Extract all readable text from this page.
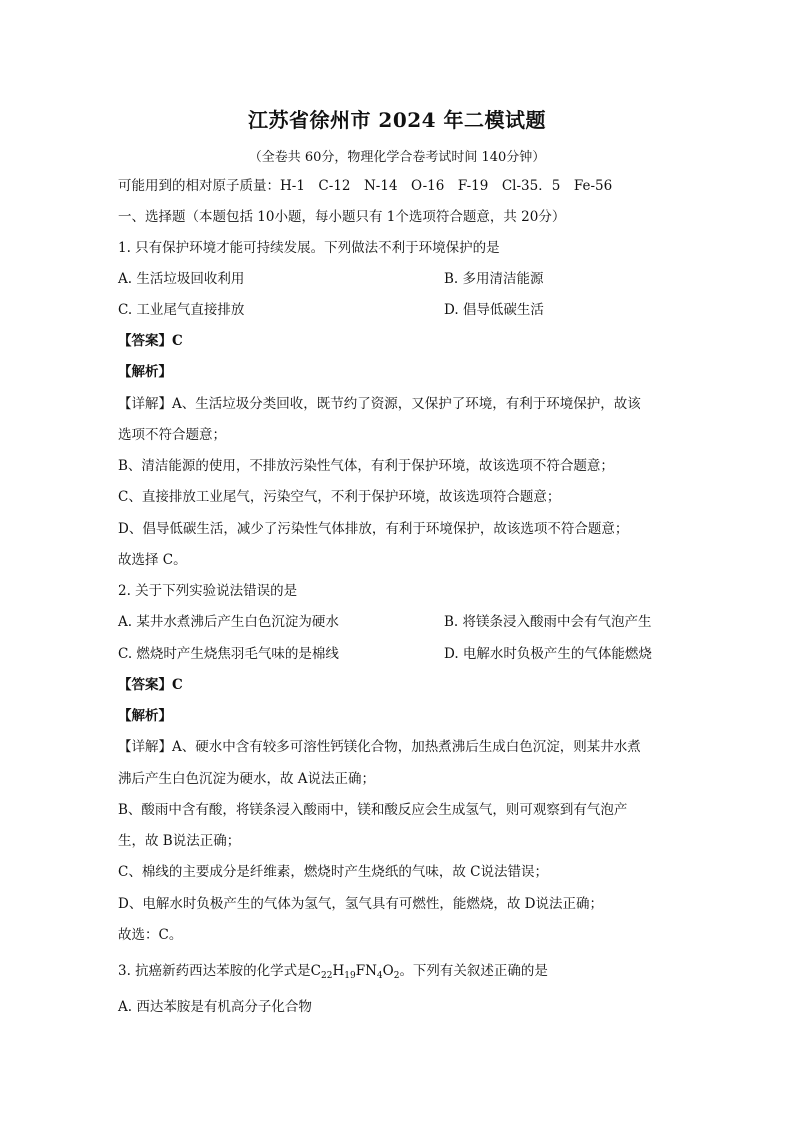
江苏省徐州市 2024 年二模试题
（全卷共 60分，物理化学合卷考试时间 140分钟）
可能用到的相对原子质量：H-1　C-12　N-14　O-16　F-19　Cl-35．5　Fe-56
一、选择题（本题包括 10小题，每小题只有 1个选项符合题意，共 20分）
1. 只有保护环境才能可持续发展。下列做法不利于环境保护的是
A. 生活垃圾回收利用	B. 多用清洁能源
C. 工业尾气直接排放	D. 倡导低碳生活
【答案】C
【解析】
【详解】A、生活垃圾分类回收，既节约了资源，又保护了环境，有利于环境保护，故该
选项不符合题意；
B、清洁能源的使用，不排放污染性气体，有利于保护环境，故该选项不符合题意；
C、直接排放工业尾气，污染空气，不利于保护环境，故该选项符合题意；
D、倡导低碳生活，减少了污染性气体排放，有利于环境保护，故该选项不符合题意；
故选择 C。
2. 关于下列实验说法错误的是
A. 某井水煮沸后产生白色沉淀为硬水	B. 将镁条浸入酸雨中会有气泡产生
C. 燃烧时产生烧焦羽毛气味的是棉线	D. 电解水时负极产生的气体能燃烧
【答案】C
【解析】
【详解】A、硬水中含有较多可溶性钙镁化合物，加热煮沸后生成白色沉淀，则某井水煮
沸后产生白色沉淀为硬水，故 A说法正确；
B、酸雨中含有酸，将镁条浸入酸雨中，镁和酸反应会生成氢气，则可观察到有气泡产
生，故 B说法正确；
C、棉线的主要成分是纤维素，燃烧时产生烧纸的气味，故 C说法错误；
D、电解水时负极产生的气体为氢气，氢气具有可燃性，能燃烧，故 D说法正确；
故选：C。
3. 抗癌新药西达苯胺的化学式是$C_{22}H_{19}FN_4O_2$。下列有关叙述正确的是
A. 西达苯胺是有机高分子化合物
